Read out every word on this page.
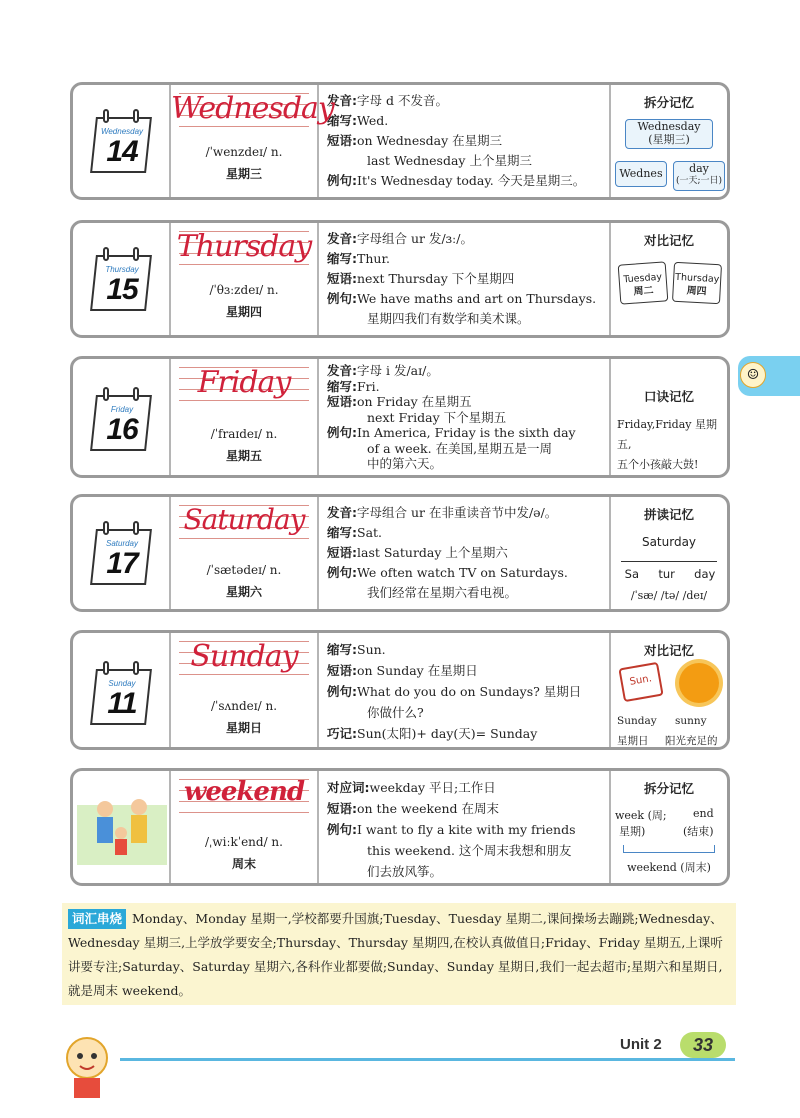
☺
Wednesday
14
Wednesday
/ˈwenzdeɪ/ n.
星期三
发音: 字母 d 不发音。
缩写: Wed.
短语: on Wednesday 在星期三
last Wednesday 上个星期三
例句: It's Wednesday today. 今天是星期三。
拆分记忆
Wednesday
(星期三)
Wednes	day
(一天;一日)
Thursday
15
Thursday
/ˈθɜːzdeɪ/ n.
星期四
发音: 字母组合 ur 发/ɜː/。
缩写: Thur.
短语: next Thursday 下个星期四
例句: We have maths and art on Thursdays.
星期四我们有数学和美术课。
对比记忆
Tuesday
周二
Thursday
周四
Friday
16
Friday
/ˈfraɪdeɪ/ n.
星期五
发音: 字母 i 发/aɪ/。
缩写: Fri.
短语: on Friday 在星期五
next Friday 下个星期五
例句: In America, Friday is the sixth day
of a week. 在美国,星期五是一周
中的第六天。
口诀记忆
Friday,Friday 星期五,
五个小孩敲大鼓!
Saturday
17
Saturday
/ˈsætədeɪ/ n.
星期六
发音: 字母组合 ur 在非重读音节中发/ə/。
缩写: Sat.
短语: last Saturday 上个星期六
例句: We often watch TV on Saturdays.
我们经常在星期六看电视。
拼读记忆
Saturday
Sa tur day
/ˈsæ/ /tə/ /deɪ/
Sunday
11
Sunday
/ˈsʌndeɪ/ n.
星期日
缩写: Sun.
短语: on Sunday 在星期日
例句: What do you do on Sundays? 星期日
你做什么?
巧记: Sun(太阳)+ day(天)= Sunday
对比记忆
Sun.
Sunday sunny
星期日 阳光充足的
weekend
/ˌwiːkˈend/ n.
周末
对应词: weekday 平日;工作日
短语: on the weekend 在周末
例句: I want to fly a kite with my friends
this weekend. 这个周末我想和朋友
们去放风筝。
拆分记忆
week (周; end
星期)	(结束)
weekend (周末)
词汇串烧 Monday、Monday 星期一,学校都要升国旗;Tuesday、Tuesday 星期二,课间操场去蹦跳;Wednesday、Wednesday 星期三,上学放学要安全;Thursday、Thursday 星期四,在校认真做值日;Friday、Friday 星期五,上课听讲要专注;Saturday、Saturday 星期六,各科作业都要做;Sunday、Sunday 星期日,我们一起去超市;星期六和星期日,就是周末 weekend。
Unit 2	33
